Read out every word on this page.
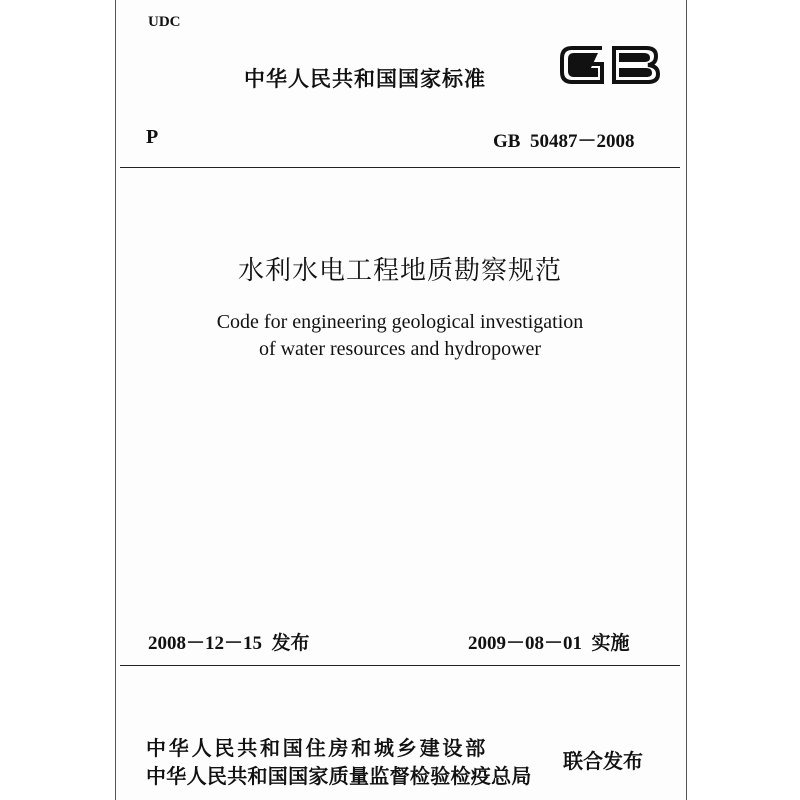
UDC
中华人民共和国国家标准
P	GB  50487－2008
水利水电工程地质勘察规范
Code for engineering geological investigation
of water resources and hydropower
2008－12－15  发布	2009－08－01  实施
中华人民共和国住房和城乡建设部
中华人民共和国国家质量监督检验检疫总局
联合发布
